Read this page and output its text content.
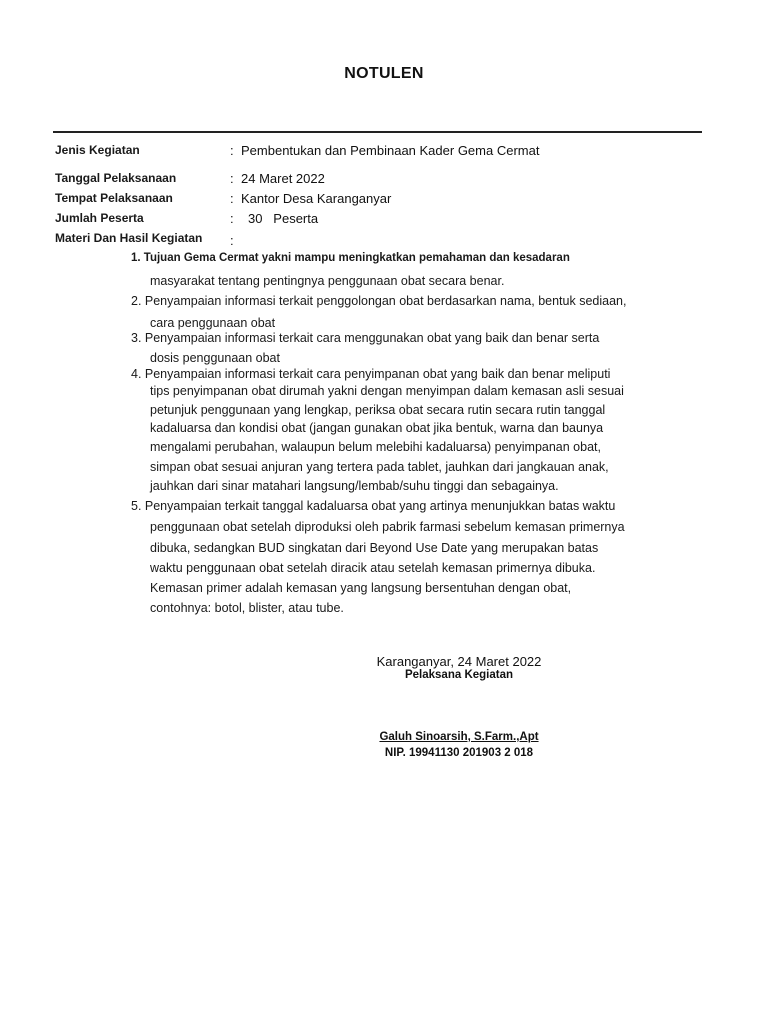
NOTULEN
Jenis Kegiatan	: Pembentukan dan Pembinaan Kader Gema Cermat
Tanggal Pelaksanaan	: 24 Maret 2022
Tempat Pelaksanaan	: Kantor Desa Karanganyar
Jumlah Peserta	: 30   Peserta
Materi Dan Hasil Kegiatan :
1. Tujuan Gema Cermat yakni mampu meningkatkan pemahaman dan kesadaran
masyarakat tentang pentingnya penggunaan obat secara benar.
2. Penyampaian informasi terkait penggolongan obat berdasarkan nama, bentuk sediaan,
cara penggunaan obat
3. Penyampaian informasi terkait cara menggunakan obat yang baik dan benar serta
dosis penggunaan obat
4. Penyampaian informasi terkait cara penyimpanan obat yang baik dan benar meliputi
tips penyimpanan obat dirumah yakni dengan menyimpan dalam kemasan asli sesuai
petunjuk penggunaan yang lengkap, periksa obat secara rutin secara rutin tanggal
kadaluarsa dan kondisi obat (jangan gunakan obat jika bentuk, warna dan baunya
mengalami perubahan, walaupun belum melebihi kadaluarsa) penyimpanan obat,
simpan obat sesuai anjuran yang tertera pada tablet, jauhkan dari jangkauan anak,
jauhkan dari sinar matahari langsung/lembab/suhu tinggi dan sebagainya.
5. Penyampaian terkait tanggal kadaluarsa obat yang artinya menunjukkan batas waktu
penggunaan obat setelah diproduksi oleh pabrik farmasi sebelum kemasan primernya
dibuka, sedangkan BUD singkatan dari Beyond Use Date yang merupakan batas
waktu penggunaan obat setelah diracik atau setelah kemasan primernya dibuka.
Kemasan primer adalah kemasan yang langsung bersentuhan dengan obat,
contohnya: botol, blister, atau tube.
Karanganyar, 24 Maret 2022
Pelaksana Kegiatan
Galuh Sinoarsih, S.Farm.,Apt
NIP. 19941130 201903 2 018
